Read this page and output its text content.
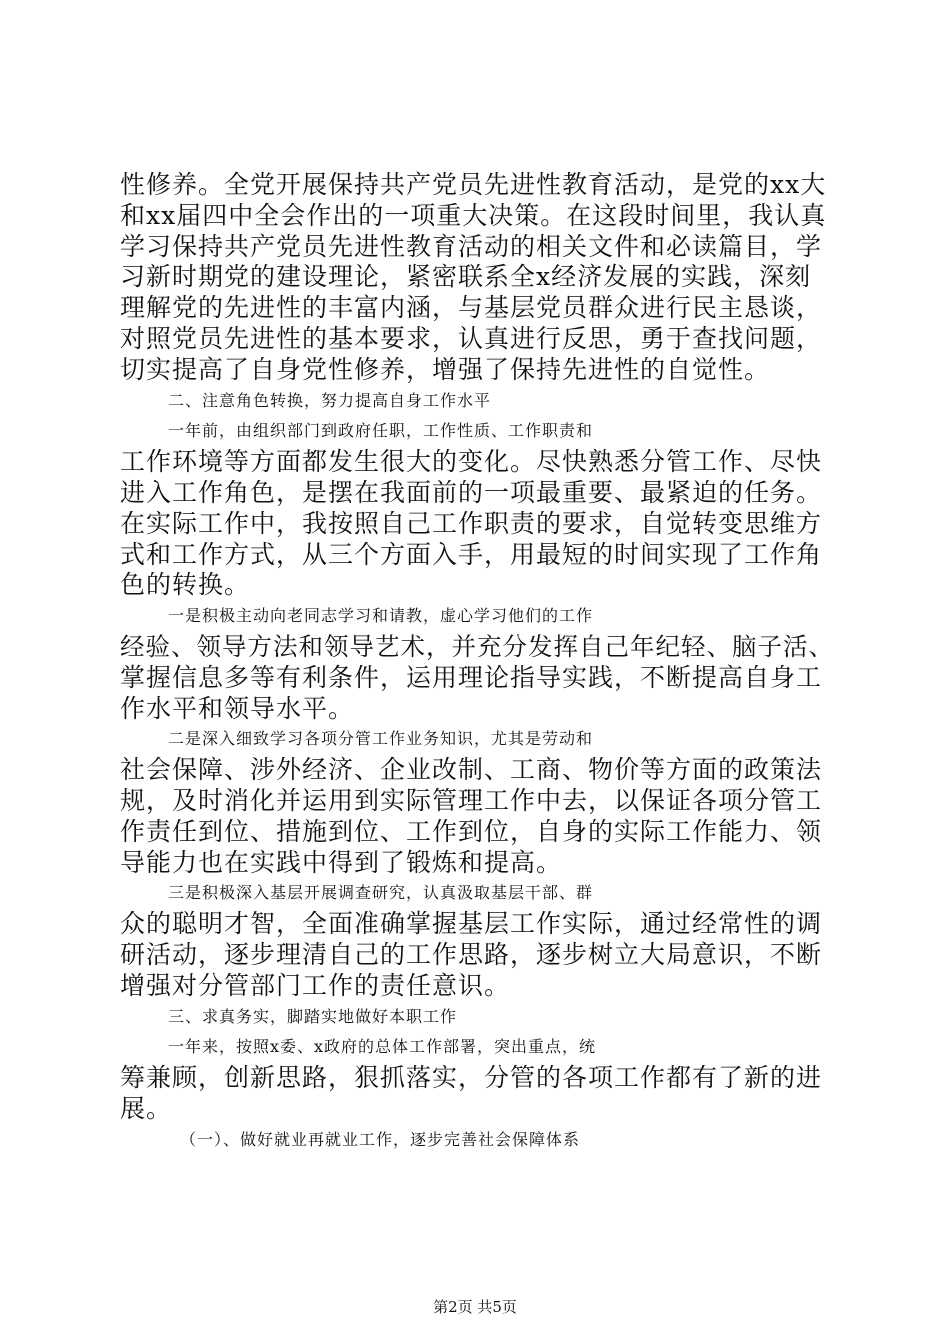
性修养。全党开展保持共产党员先进性教育活动，是党的xx大
和xx届四中全会作出的一项重大决策。在这段时间里，我认真
学习保持共产党员先进性教育活动的相关文件和必读篇目，学
习新时期党的建设理论，紧密联系全x经济发展的实践，深刻
理解党的先进性的丰富内涵，与基层党员群众进行民主恳谈，
对照党员先进性的基本要求，认真进行反思，勇于查找问题，
切实提高了自身党性修养，增强了保持先进性的自觉性。
二、注意角色转换，努力提高自身工作水平
一年前，由组织部门到政府任职，工作性质、工作职责和
工作环境等方面都发生很大的变化。尽快熟悉分管工作、尽快
进入工作角色，是摆在我面前的一项最重要、最紧迫的任务。
在实际工作中，我按照自己工作职责的要求，自觉转变思维方
式和工作方式，从三个方面入手，用最短的时间实现了工作角
色的转换。
一是积极主动向老同志学习和请教，虚心学习他们的工作
经验、领导方法和领导艺术，并充分发挥自己年纪轻、脑子活、
掌握信息多等有利条件，运用理论指导实践，不断提高自身工
作水平和领导水平。
二是深入细致学习各项分管工作业务知识，尤其是劳动和
社会保障、涉外经济、企业改制、工商、物价等方面的政策法
规，及时消化并运用到实际管理工作中去，以保证各项分管工
作责任到位、措施到位、工作到位，自身的实际工作能力、领
导能力也在实践中得到了锻炼和提高。
三是积极深入基层开展调查研究，认真汲取基层干部、群
众的聪明才智，全面准确掌握基层工作实际，通过经常性的调
研活动，逐步理清自己的工作思路，逐步树立大局意识，不断
增强对分管部门工作的责任意识。
三、求真务实，脚踏实地做好本职工作
一年来，按照x委、x政府的总体工作部署，突出重点，统
筹兼顾，创新思路，狠抓落实，分管的各项工作都有了新的进
展。
（一）、做好就业再就业工作，逐步完善社会保障体系
第2页 共5页
